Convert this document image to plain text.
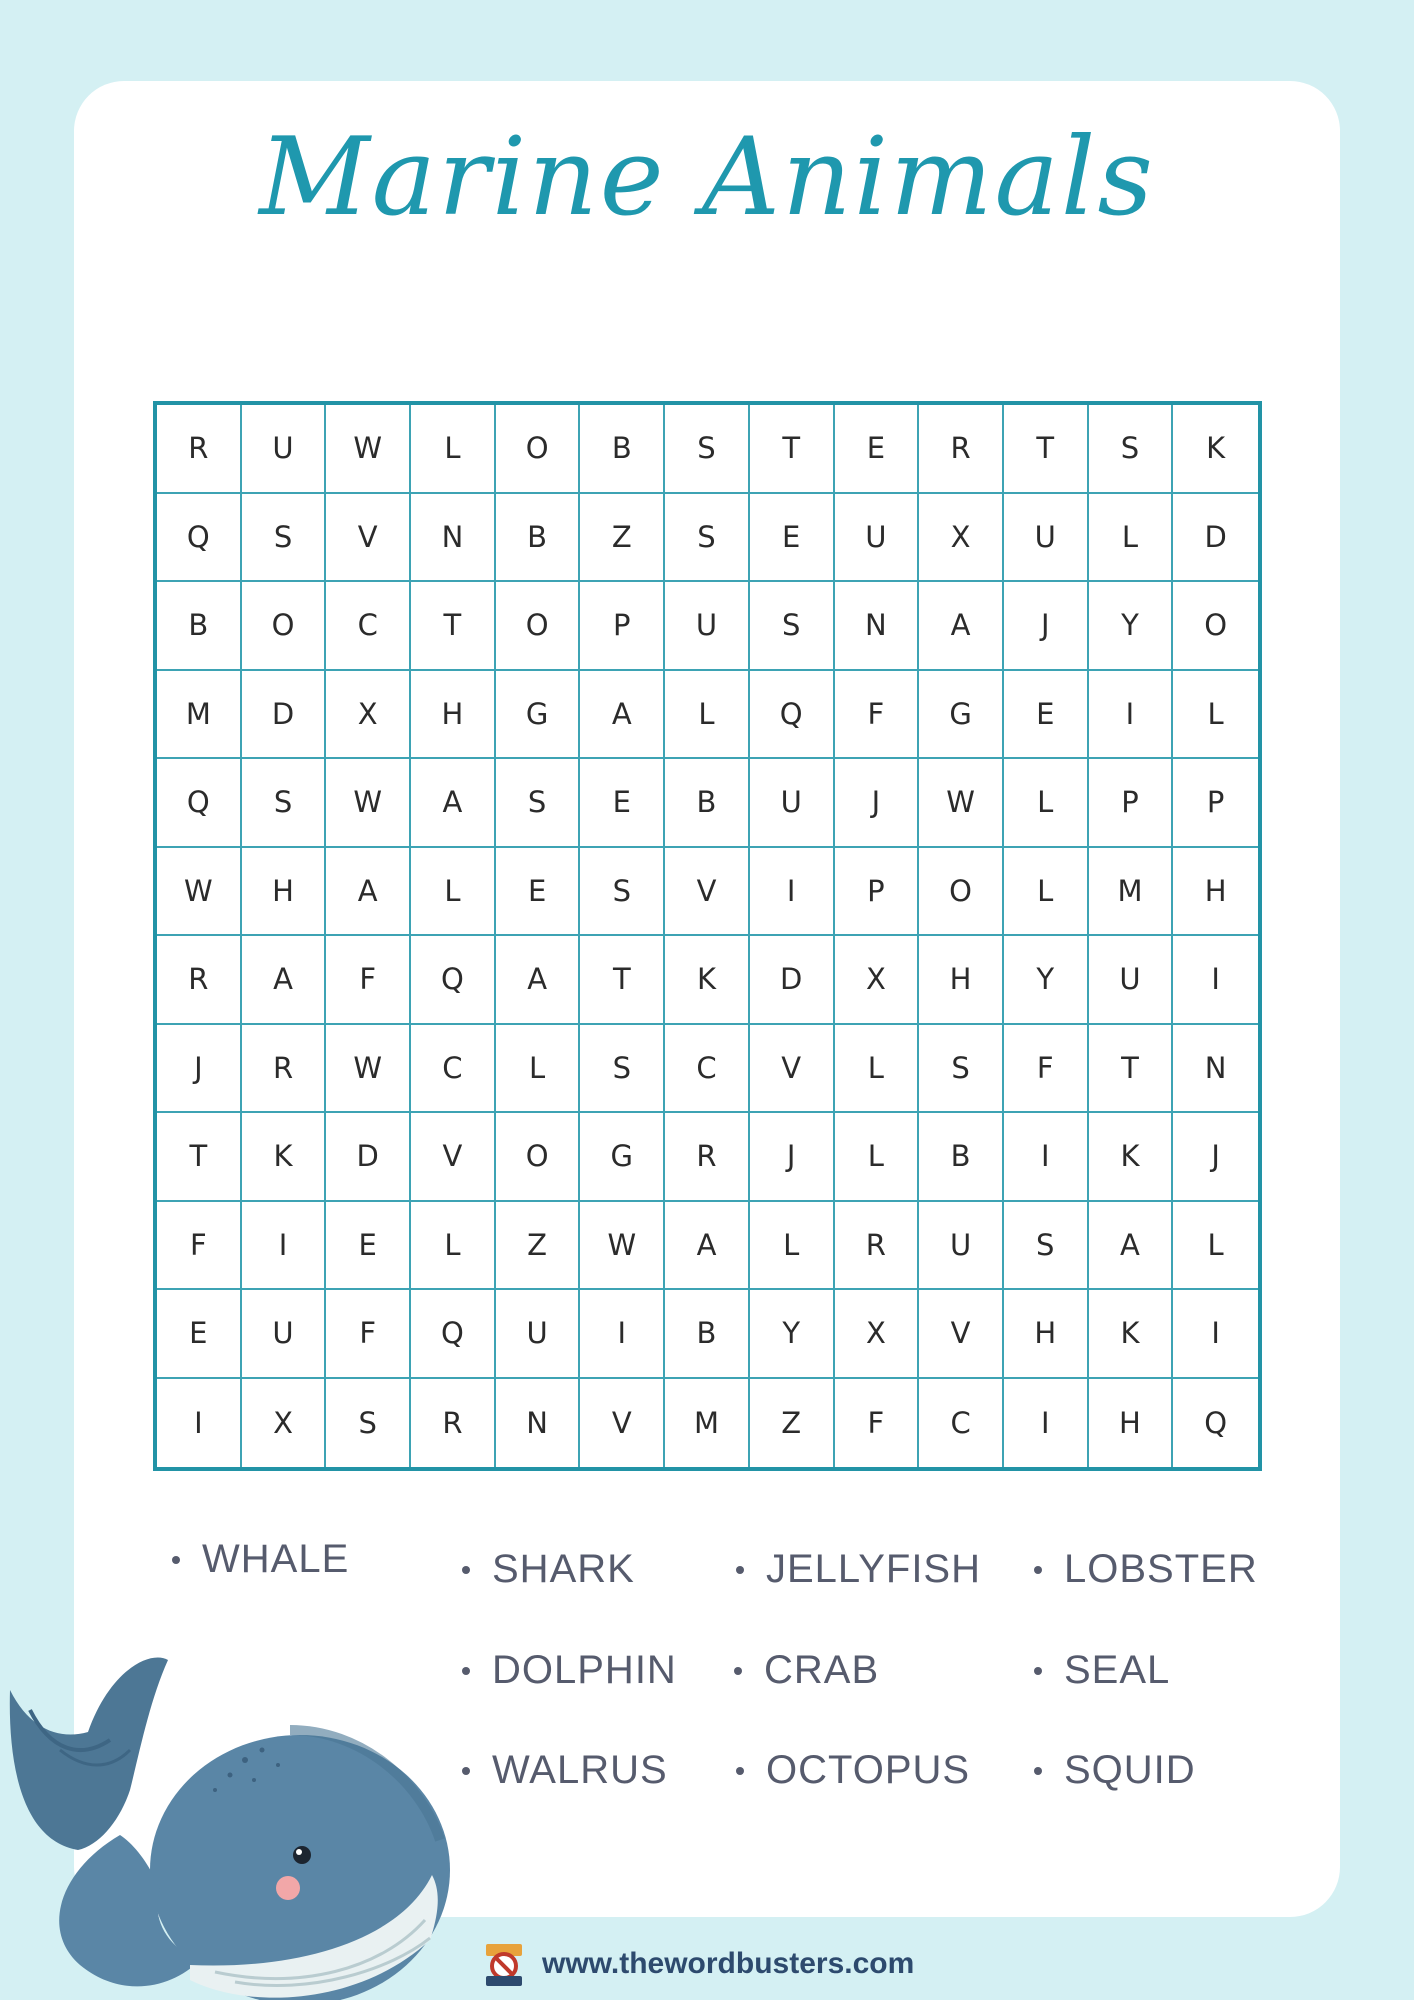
Marine Animals
R	U	W	L	O	B	S	T	E	R	T	S	K
Q	S	V	N	B	Z	S	E	U	X	U	L	D
B	O	C	T	O	P	U	S	N	A	J	Y	O
M	D	X	H	G	A	L	Q	F	G	E	I	L
Q	S	W	A	S	E	B	U	J	W	L	P	P
W	H	A	L	E	S	V	I	P	O	L	M	H
R	A	F	Q	A	T	K	D	X	H	Y	U	I
J	R	W	C	L	S	C	V	L	S	F	T	N
T	K	D	V	O	G	R	J	L	B	I	K	J
F	I	E	L	Z	W	A	L	R	U	S	A	L
E	U	F	Q	U	I	B	Y	X	V	H	K	I
I	X	S	R	N	V	M	Z	F	C	I	H	Q
WHALE	SHARK	JELLYFISH LOBSTER
DOLPHIN CRAB	SEAL
WALRUS OCTOPUS SQUID
www.thewordbusters.com
